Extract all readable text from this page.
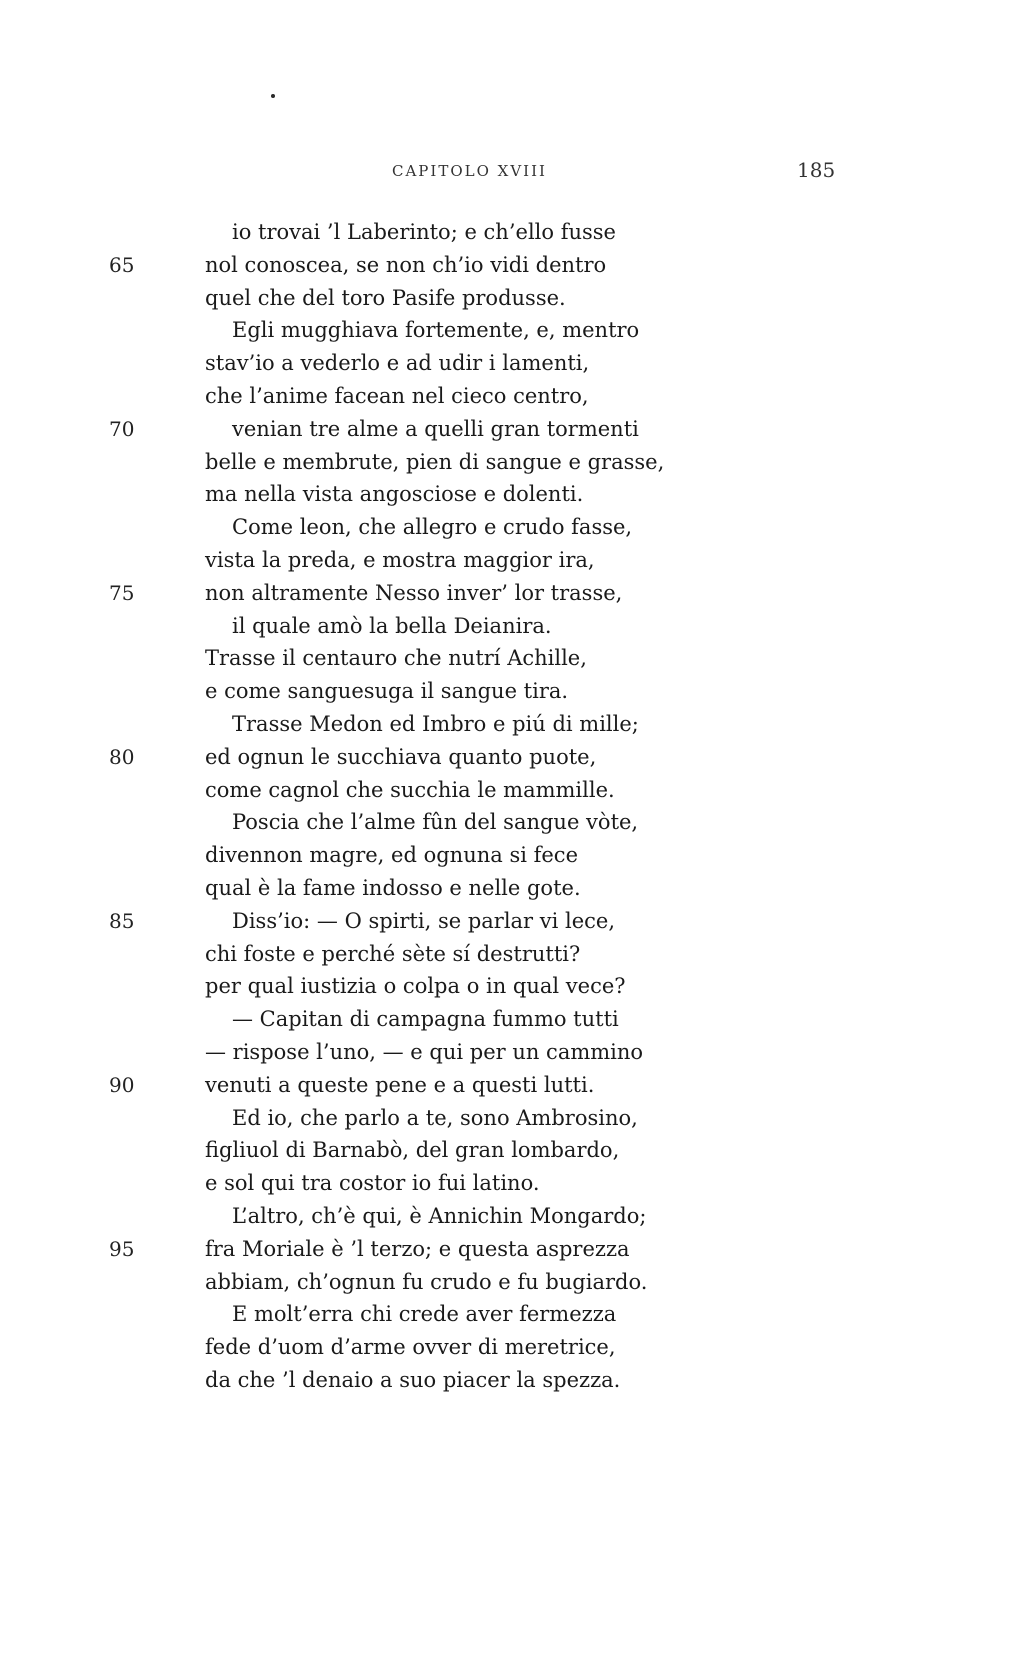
CAPITOLO XVIII	185
io trovai ’l Laberinto; e ch’ello fusse
65	nol conoscea, se non ch’io vidi dentro
quel che del toro Pasife produsse.
Egli mugghiava fortemente, e, mentro
stav’io a vederlo e ad udir i lamenti,
che l’anime facean nel cieco centro,
70	venian tre alme a quelli gran tormenti
belle e membrute, pien di sangue e grasse,
ma nella vista angosciose e dolenti.
Come leon, che allegro e crudo fasse,
vista la preda, e mostra maggior ira,
75	non altramente Nesso inver’ lor trasse,
il quale amò la bella Deianira.
Trasse il centauro che nutrí Achille,
e come sanguesuga il sangue tira.
Trasse Medon ed Imbro e piú di mille;
80	ed ognun le succhiava quanto puote,
come cagnol che succhia le mammille.
Poscia che l’alme fûn del sangue vòte,
divennon magre, ed ognuna si fece
qual è la fame indosso e nelle gote.
85	Diss’io: — O spirti, se parlar vi lece,
chi foste e perché sète sí destrutti?
per qual iustizia o colpa o in qual vece?
— Capitan di campagna fummo tutti
— rispose l’uno, — e qui per un cammino
90	venuti a queste pene e a questi lutti.
Ed io, che parlo a te, sono Ambrosino,
figliuol di Barnabò, del gran lombardo,
e sol qui tra costor io fui latino.
L’altro, ch’è qui, è Annichin Mongardo;
95	fra Moriale è ’l terzo; e questa asprezza
abbiam, ch’ognun fu crudo e fu bugiardo.
E molt’erra chi crede aver fermezza
fede d’uom d’arme ovver di meretrice,
da che ’l denaio a suo piacer la spezza.
